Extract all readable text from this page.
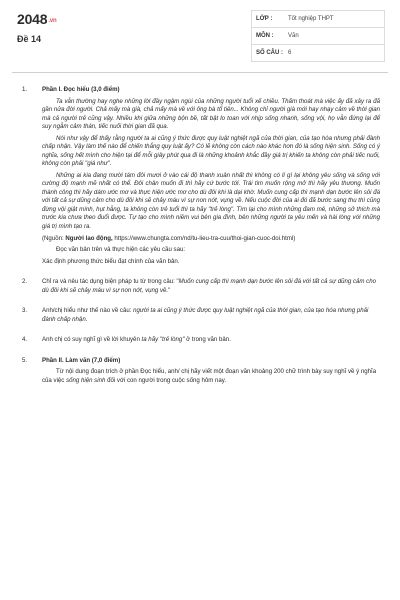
2048.vn
Đề 14
LỚP :	Tốt nghiệp THPT
MÔN :	Văn
SỐ CÂU : 6
1. Phần I. Đọc hiểu (3,0 điểm)

Ta vẫn thường hay nghe những lời đầy ngậm ngùi của những người tuổi xế chiều. Thấm thoát mà việc ấy đã xảy ra đã gần nửa đời người. Chả mấy mà già, chả mấy mà về với ông bà tổ tiên... Không chỉ người già mới hay nhạy cảm về thời gian mà cả người trẻ cũng vậy. Nhiều khi giữa những bộn bề, tất bật lo toan với nhịp sống nhanh, sống vội, họ vẫn đứng lại để suy ngẫm cảm thán, tiếc nuối thời gian đã qua.

Nói như vậy để thấy rằng người ta ai cũng ý thức được quy luật nghiệt ngã của thời gian, của tạo hóa nhưng phải đành chấp nhận. Vậy làm thế nào để chiến thắng quy luật ấy? Có lẽ không còn cách nào khác hơn đó là sống hiện sinh. Sống có ý nghĩa, sống hết mình cho hiện tại để mỗi giây phút qua đi là những khoảnh khắc đầy giá trị khiến ta không còn phải tiếc nuối, không còn phải "giá như".

Những ai kia đang mười tám đôi mươi ở vào cái độ thanh xuân nhất thì không có lí gì lại không yêu sống và sống với cường độ mạnh mẽ nhất có thể. Đôi chân muốn đi thì hãy cứ bước tới. Trái tim muốn rộng mở thì hãy yêu thương. Muốn thành công thì hãy dám ước mơ và thực hiện ước mơ cho dù đôi khi là dại khờ. Muốn cung cấp thì mạnh dạn bước lên sôi đá với tất cả sự dũng cảm cho dù đôi khi sẽ chảy máu vì sự non nớt, vụng về. Nếu cuộc đời của ai đó đã bước sang thu thì cũng đừng vội giật mình, hụt hẫng, ta không còn trẻ tuổi thì ta hãy "trẻ lòng". Tìm lại cho mình những đam mê, những sở thích mà trước kia chưa theo đuổi được. Tự tạo cho mình niềm vui bên gia đình, bên những người ta yêu mến và hài lòng với những giá trị mình tạo ra.

(Nguồn: Người lao động, https://www.chungta.com/nd/tu-lieu-tra-cuu/thoi-gian-cuoc-doi.html)

Đọc văn bản trên và thực hiện các yêu cầu sau:

Xác định phương thức biểu đạt chính của văn bản.

2. Chỉ ra và nêu tác dụng biện pháp tu từ trong câu: "Muốn cung cấp thì mạnh dạn bước lên sôi đá với tất cả sự dũng cảm cho dù đôi khi sẽ chảy máu vì sự non nớt, vụng về."
3. Anh/chị hiểu như thế nào về câu: người ta ai cũng ý thức được quy luật nghiệt ngã của thời gian, của tạo hóa nhưng phải đành chấp nhận.
4. Anh chị có suy nghĩ gì về lời khuyên ta hãy "trẻ lòng" ở trong văn bản.
5. Phần II. Làm văn (7,0 điểm)

Từ nội dung đoạn trích ở phần Đọc hiểu, anh/ chị hãy viết một đoạn văn khoảng 200 chữ trình bày suy nghĩ về ý nghĩa của việc sống hiện sinh đối với con người trong cuộc sống hôm nay.
